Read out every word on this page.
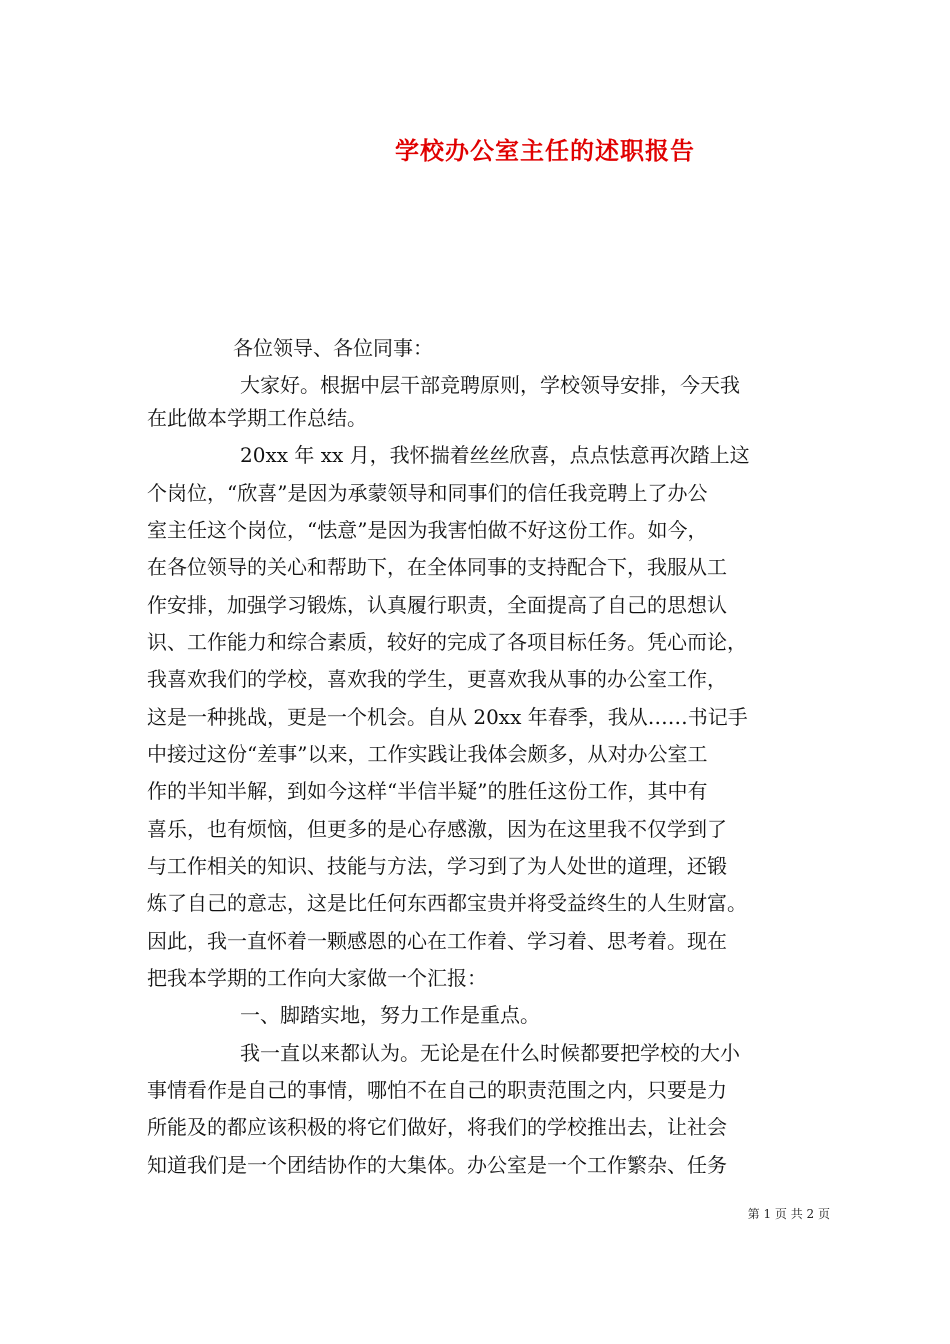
学校办公室主任的述职报告
各位领导、各位同事：
大家好。根据中层干部竞聘原则，学校领导安排，今天我
在此做本学期工作总结。
20xx 年 xx 月，我怀揣着丝丝欣喜，点点怯意再次踏上这
个岗位，“欣喜”是因为承蒙领导和同事们的信任我竞聘上了办公
室主任这个岗位，“怯意”是因为我害怕做不好这份工作。如今，
在各位领导的关心和帮助下，在全体同事的支持配合下，我服从工
作安排，加强学习锻炼，认真履行职责，全面提高了自己的思想认
识、工作能力和综合素质，较好的完成了各项目标任务。凭心而论，
我喜欢我们的学校，喜欢我的学生，更喜欢我从事的办公室工作，
这是一种挑战，更是一个机会。自从 20xx 年春季，我从……书记手
中接过这份“差事”以来，工作实践让我体会颇多，从对办公室工
作的半知半解，到如今这样“半信半疑”的胜任这份工作，其中有
喜乐，也有烦恼，但更多的是心存感激，因为在这里我不仅学到了
与工作相关的知识、技能与方法，学习到了为人处世的道理，还锻
炼了自己的意志，这是比任何东西都宝贵并将受益终生的人生财富。
因此，我一直怀着一颗感恩的心在工作着、学习着、思考着。现在
把我本学期的工作向大家做一个汇报：
一、脚踏实地，努力工作是重点。
我一直以来都认为。无论是在什么时候都要把学校的大小
事情看作是自己的事情，哪怕不在自己的职责范围之内，只要是力
所能及的都应该积极的将它们做好，将我们的学校推出去，让社会
知道我们是一个团结协作的大集体。办公室是一个工作繁杂、任务
第 1 页 共 2 页
